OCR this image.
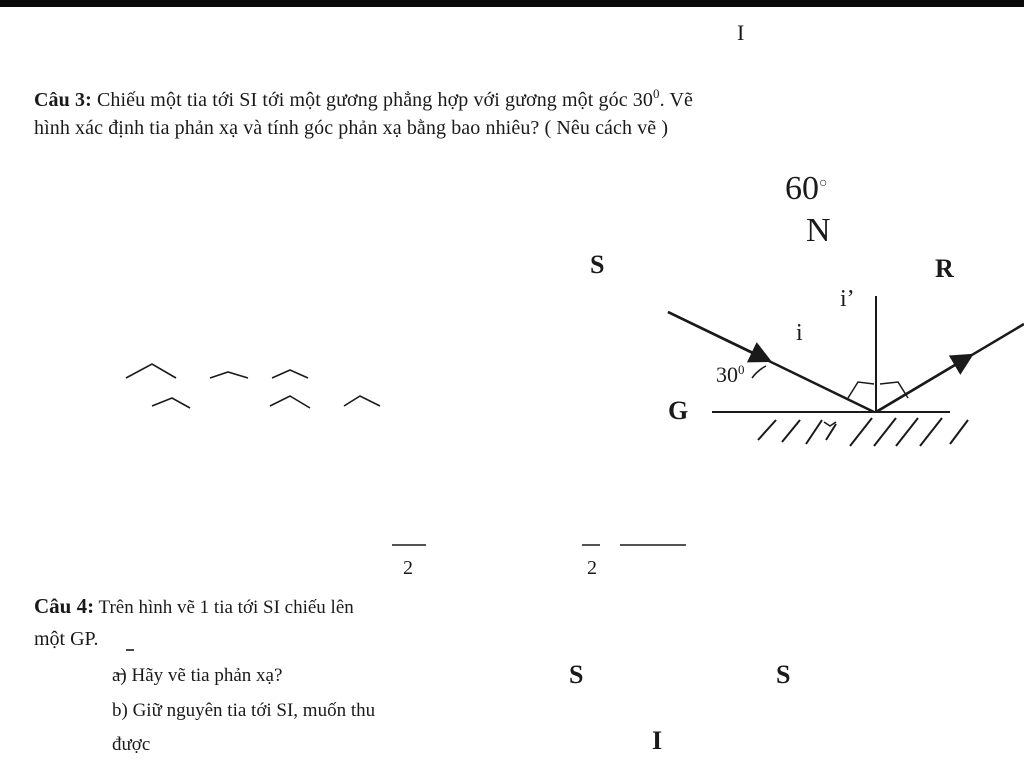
I
Câu 3: Chiếu một tia tới SI tới một gương phẳng hợp với gương một góc $30^0$. Vẽ
hình xác định tia phản xạ và tính góc phản xạ bằng bao nhiêu? ( Nêu cách vẽ )
60○
N
S	R
i’
i
$30^0$
G
2	2
Câu 4: Trên hình vẽ 1 tia tới SI chiếu lên
một GP.
a) Hãy vẽ tia phản xạ?
b) Giữ nguyên tia tới SI, muốn thu
được
S	S
I
